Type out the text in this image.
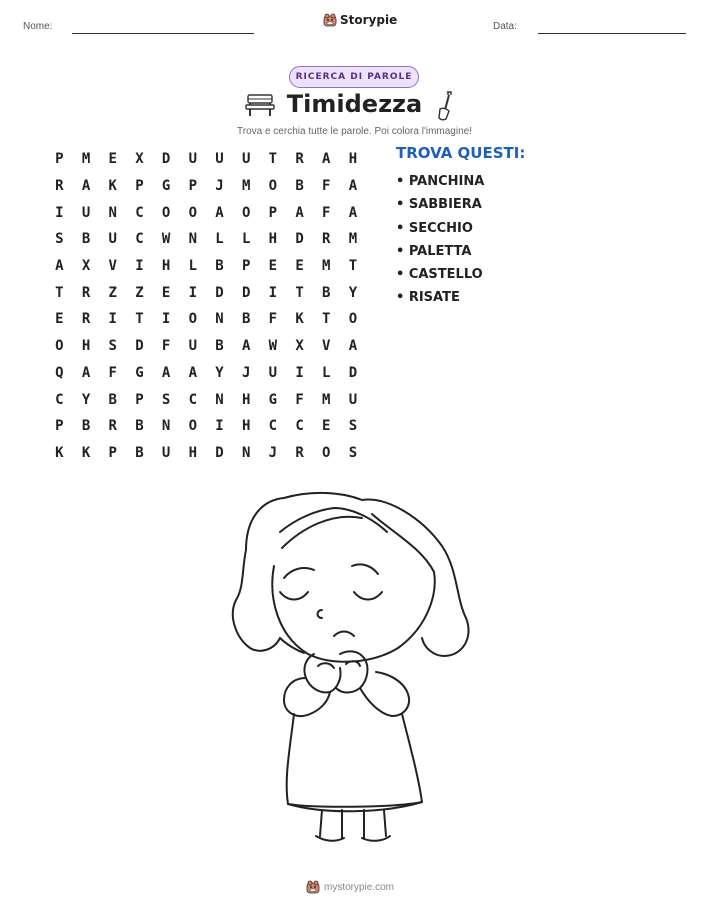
Nome:	Storypie	Data:
RICERCA DI PAROLE
Timidezza
Trova e cerchia tutte le parole. Poi colora l'immagine!
P	M	E	X	D	U	U	U	T	R	A	H
R	A	K	P	G	P	J	M	O	B	F	A
I	U	N	C	O	O	A	O	P	A	F	A
S	B	U	C	W	N	L	L	H	D	R	M
A	X	V	I	H	L	B	P	E	E	M	T
T	R	Z	Z	E	I	D	D	I	T	B	Y
E	R	I	T	I	O	N	B	F	K	T	O
O	H	S	D	F	U	B	A	W	X	V	A
Q	A	F	G	A	A	Y	J	U	I	L	D
C	Y	B	P	S	C	N	H	G	F	M	U
P	B	R	B	N	O	I	H	C	C	E	S
K	K	P	B	U	H	D	N	J	R	O	S
TROVA QUESTI:
• PANCHINA
• SABBIERA
• SECCHIO
• PALETTA
• CASTELLO
• RISATE
mystorypie.com
